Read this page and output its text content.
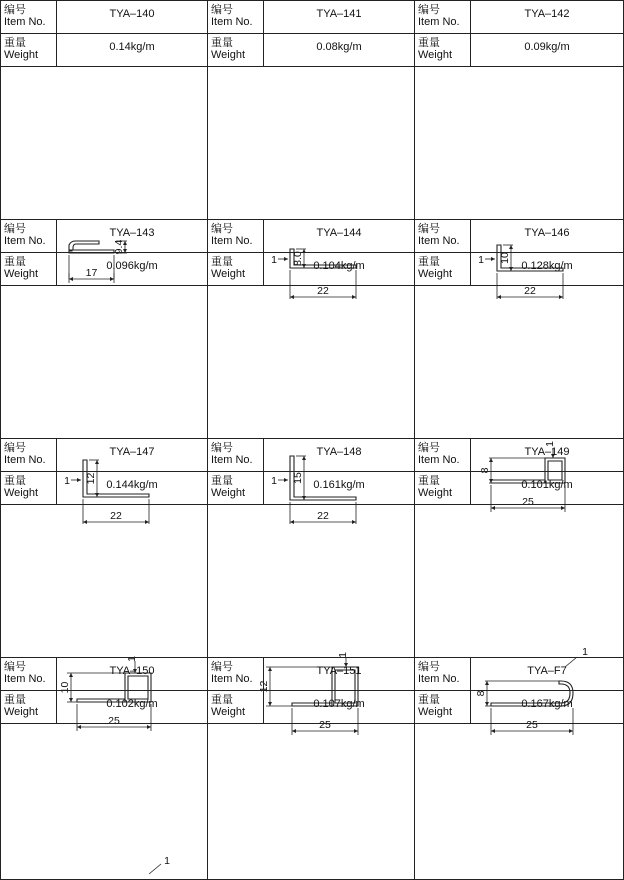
编号
Item No.
TYA–140
重量
Weight
0.14kg/m
17
9.4
编号
Item No.
TYA–141
重量
Weight
0.08kg/m
1 8.0
22
编号
Item No.
TYA–142
重量
Weight
0.09kg/m
1 10
22
编号
Item No.
TYA–143
重量
Weight
0.096kg/m
1 12
22
编号
Item No.
TYA–144
重量
Weight
0.104kg/m
1 15
22
编号
Item No.
TYA–146
重量
Weight
0.128kg/m
1
8
25
编号
Item No.
TYA–147
重量
Weight
0.144kg/m
1
10
25
编号
Item No.
TYA–148
重量
Weight
0.161kg/m
1
12
25
编号
Item No.
TYA–149
重量
Weight
0.101kg/m
1
8
25
编号
Item No.
TYA–150
重量
Weight
0.102kg/m
1
编号
Item No.
TYA–151
重量
Weight
0.107kg/m
编号
Item No.
TYA–F7
重量
Weight
0.167kg/m
